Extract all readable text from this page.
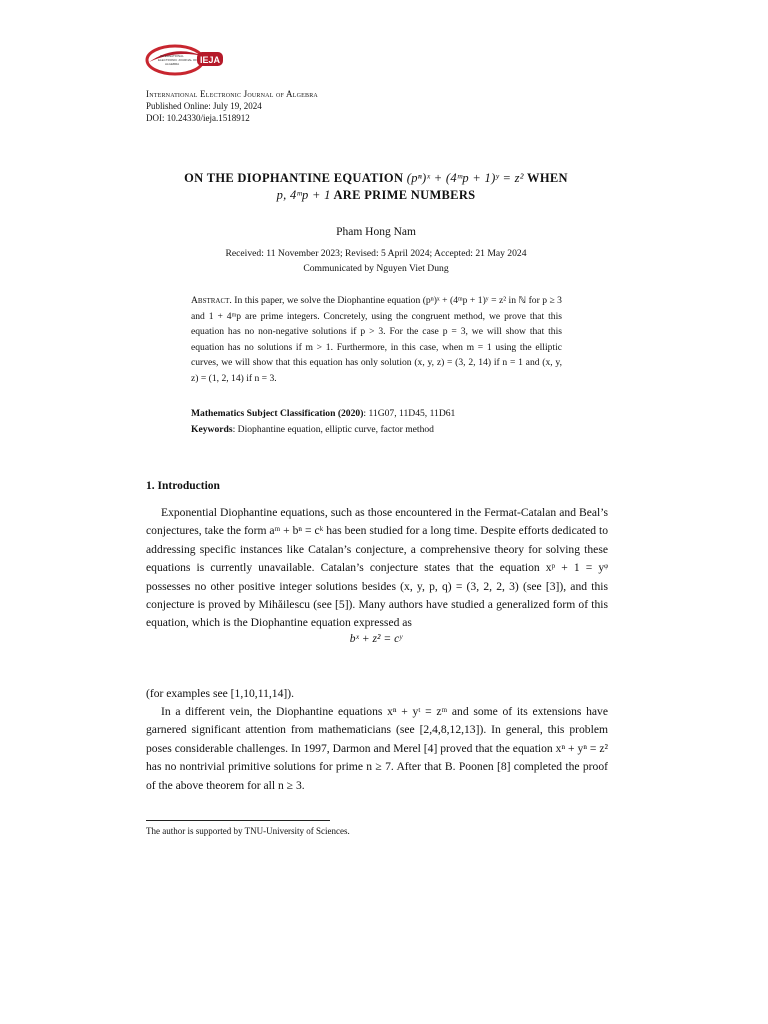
INTERNATIONAL
ELECTRONIC JOURNAL OF
ALGEBRA IEJA
International Electronic Journal of Algebra
Published Online: July 19, 2024
DOI: 10.24330/ieja.1518912
ON THE DIOPHANTINE EQUATION (pⁿ)ˣ + (4ᵐp + 1)ʸ = z² WHEN
p, 4ᵐp + 1 ARE PRIME NUMBERS
Pham Hong Nam
Received: 11 November 2023; Revised: 5 April 2024; Accepted: 21 May 2024
Communicated by Nguyen Viet Dung
Abstract. In this paper, we solve the Diophantine equation (pⁿ)ˣ + (4ᵐp + 1)ʸ = z² in ℕ for p ≥ 3 and 1 + 4ᵐp are prime integers. Concretely, using the congruent method, we prove that this equation has no non-negative solutions if p > 3. For the case p = 3, we will show that this equation has no solutions if m > 1. Furthermore, in this case, when m = 1 using the elliptic curves, we will show that this equation has only solution (x, y, z) = (3, 2, 14) if n = 1 and (x, y, z) = (1, 2, 14) if n = 3.
Mathematics Subject Classification (2020): 11G07, 11D45, 11D61
Keywords: Diophantine equation, elliptic curve, factor method
1. Introduction
Exponential Diophantine equations, such as those encountered in the Fermat-Catalan and Beal’s conjectures, take the form aᵐ + bⁿ = cᵏ has been studied for a long time. Despite efforts dedicated to addressing specific instances like Catalan’s conjecture, a comprehensive theory for solving these equations is currently unavailable. Catalan’s conjecture states that the equation xᵖ + 1 = yᵠ possesses no other positive integer solutions besides (x, y, p, q) = (3, 2, 2, 3) (see [3]), and this conjecture is proved by Mihăilescu (see [5]). Many authors have studied a generalized form of this equation, which is the Diophantine equation expressed as
bˣ + z² = cʸ
(for examples see [1,10,11,14]).
In a different vein, the Diophantine equations xⁿ + yᵗ = zᵐ and some of its extensions have garnered significant attention from mathematicians (see [2,4,8,12,13]). In general, this problem poses considerable challenges. In 1997, Darmon and Merel [4] proved that the equation xⁿ + yⁿ = z² has no nontrivial primitive solutions for prime n ≥ 7. After that B. Poonen [8] completed the proof of the above theorem for all n ≥ 3.
The author is supported by TNU-University of Sciences.
